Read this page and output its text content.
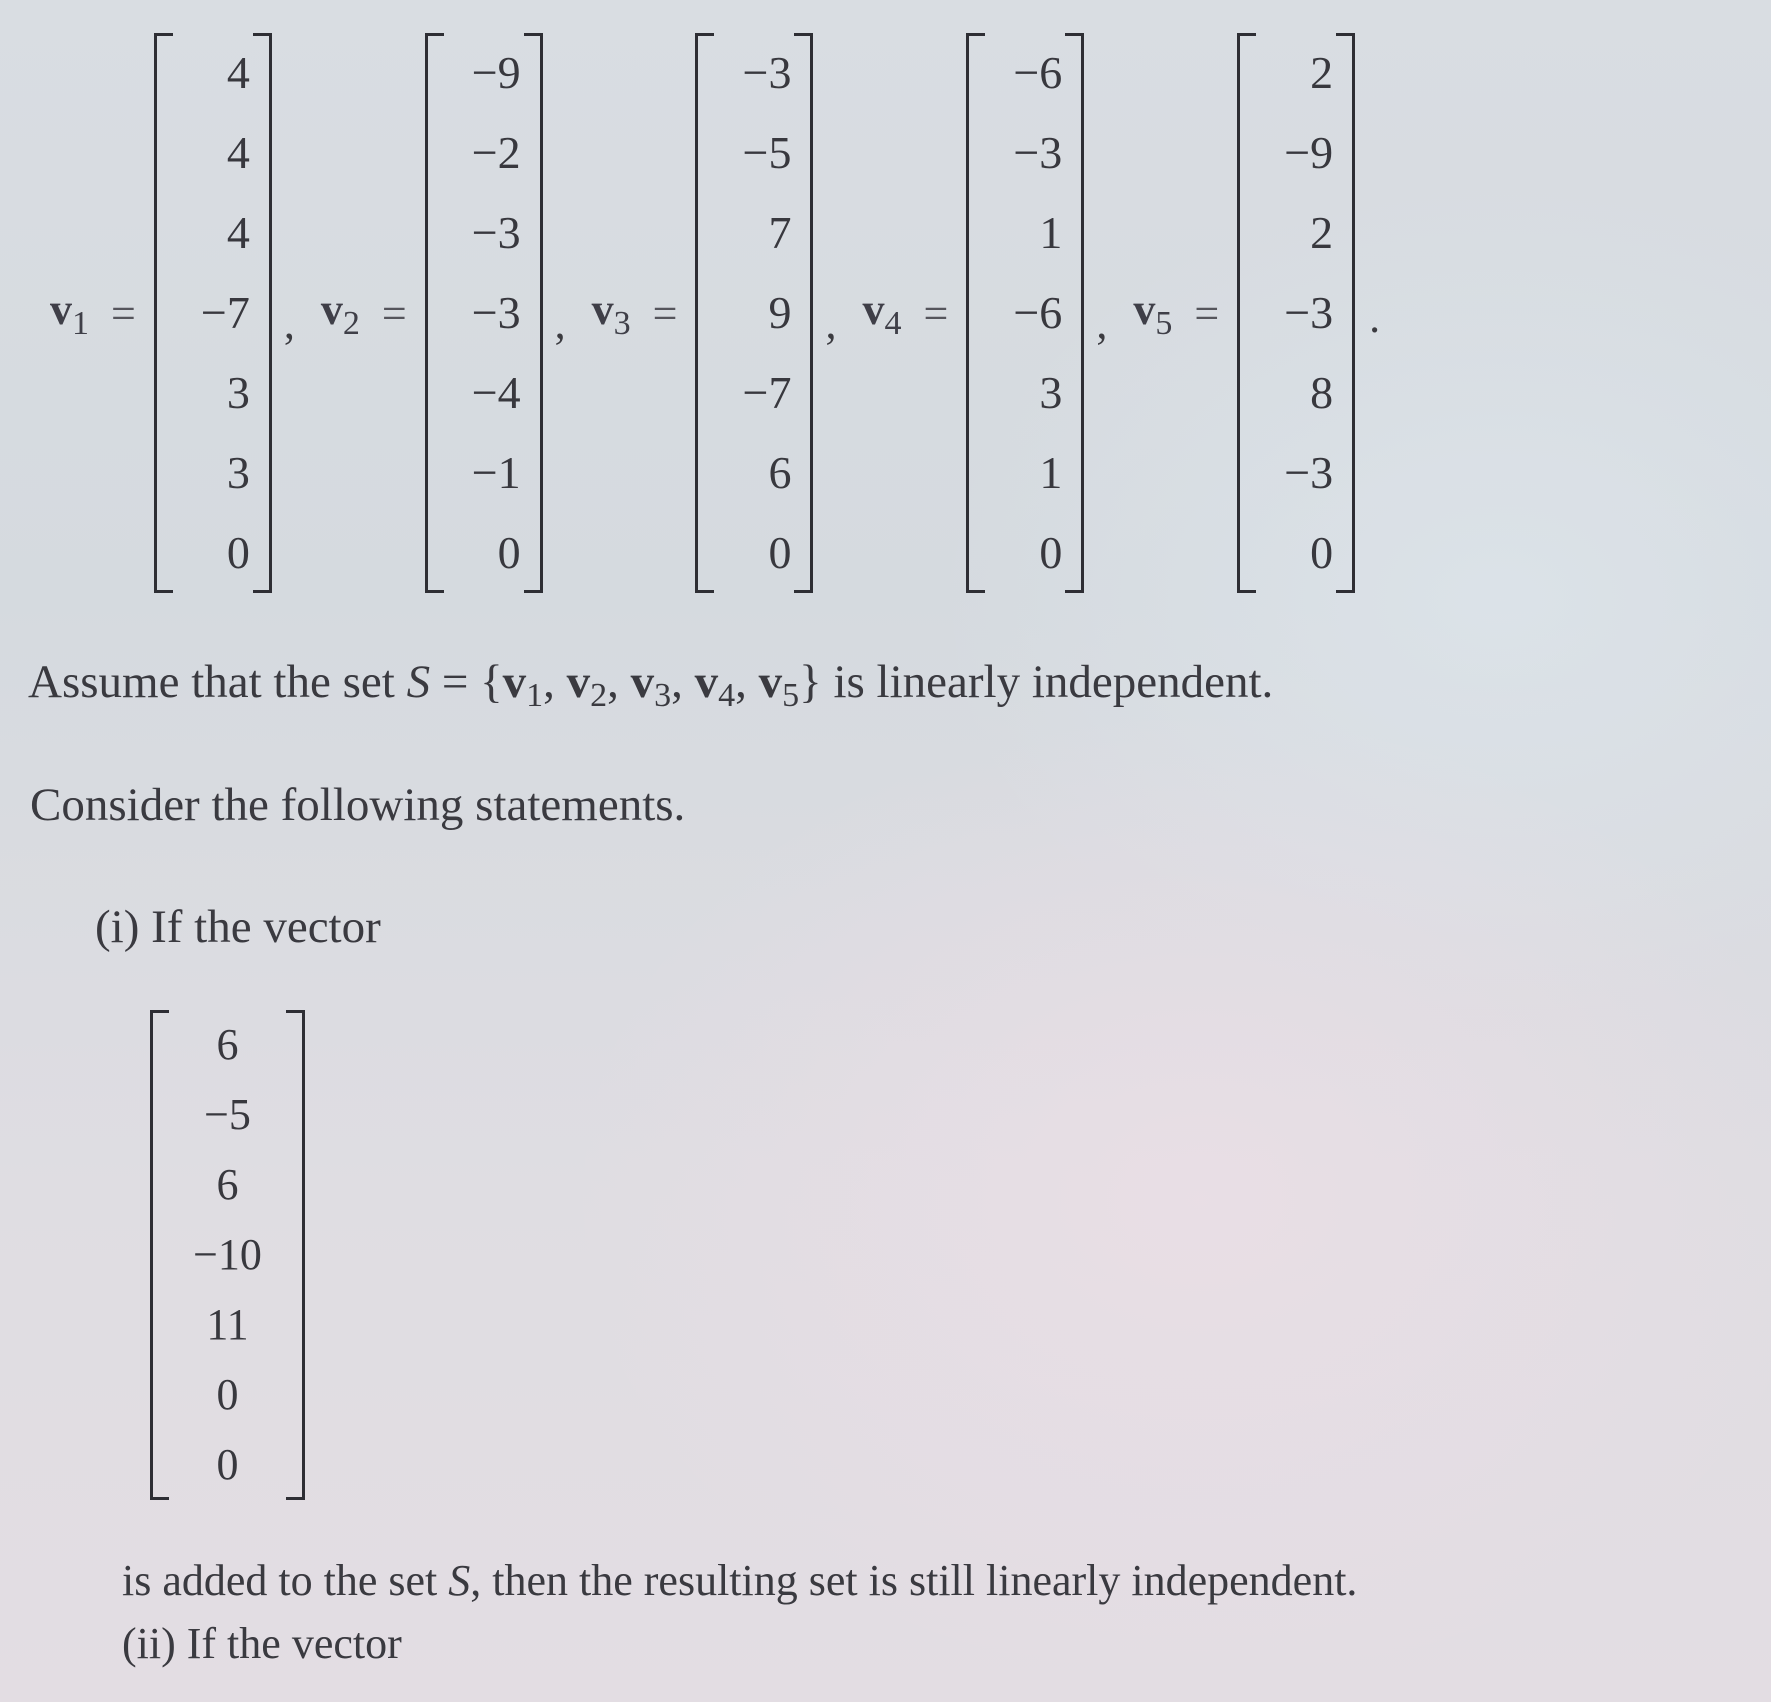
$v_1$ =
4
4
4
−7
3
3
0
, $v_2$ =
−9
−2
−3
−3
−4
−1
0
, $v_3$ =
−3
−5
7
9
−7
6
0
, $v_4$ =
−6
−3
1
−6
3
1
0
, $v_5$ =
2
−9
2
−3
8
−3
0
.
Assume that the set $S = \{v_1$, $v_2$, $v_3$, $v_4$, $v_5$} is linearly independent.
Consider the following statements.
(i) If the vector
6
−5
6
−10
11
0
0
is added to the set S, then the resulting set is still linearly independent.
(ii) If the vector
